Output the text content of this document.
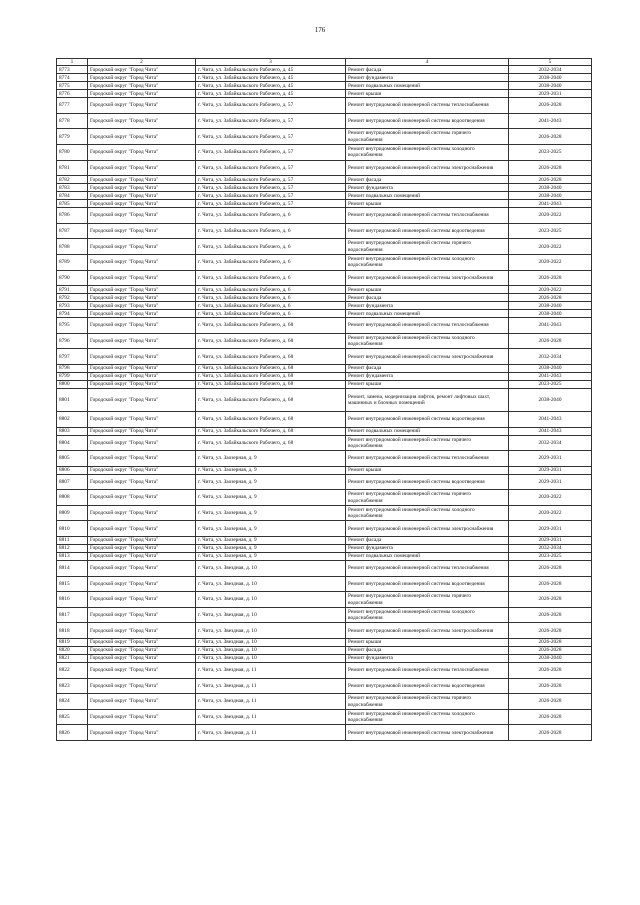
176
1	2	3	4	5
8773	Городской округ "Город Чита"	г. Чита, ул. Забайкальского Рабочего, д. 45	Ремонт фасада	2032-2034
8774	Городской округ "Город Чита"	г. Чита, ул. Забайкальского Рабочего, д. 45	Ремонт фундамента	2038-2040
8775	Городской округ "Город Чита"	г. Чита, ул. Забайкальского Рабочего, д. 45	Ремонт подвальных помещений	2038-2040
8776	Городской округ "Город Чита"	г. Чита, ул. Забайкальского Рабочего, д. 45	Ремонт крыши	2029-2031
8777	Городской округ "Город Чита"	г. Чита, ул. Забайкальского Рабочего, д. 57	Ремонт внутридомовой инженерной системы теплоснабжения	2026-2028
8778	Городской округ "Город Чита"	г. Чита, ул. Забайкальского Рабочего, д. 57	Ремонт внутридомовой инженерной системы водоотведения	2041-2043
8779	Городской округ "Город Чита"	г. Чита, ул. Забайкальского Рабочего, д. 57	Ремонт внутридомовой инженерной системы горячего водоснабжения	2026-2028
8780	Городской округ "Город Чита"	г. Чита, ул. Забайкальского Рабочего, д. 57	Ремонт внутридомовой инженерной системы холодного водоснабжения	2023-2025
8781	Городской округ "Город Чита"	г. Чита, ул. Забайкальского Рабочего, д. 57	Ремонт внутридомовой инженерной системы электроснабжения	2026-2028
8782	Городской округ "Город Чита"	г. Чита, ул. Забайкальского Рабочего, д. 57	Ремонт фасада	2026-2028
8783	Городской округ "Город Чита"	г. Чита, ул. Забайкальского Рабочего, д. 57	Ремонт фундамента	2038-2040
8784	Городской округ "Город Чита"	г. Чита, ул. Забайкальского Рабочего, д. 57	Ремонт подвальных помещений	2038-2040
8785	Городской округ "Город Чита"	г. Чита, ул. Забайкальского Рабочего, д. 57	Ремонт крыши	2041-2043
8786	Городской округ "Город Чита"	г. Чита, ул. Забайкальского Рабочего, д. 6	Ремонт внутридомовой инженерной системы теплоснабжения	2020-2022
8787	Городской округ "Город Чита"	г. Чита, ул. Забайкальского Рабочего, д. 6	Ремонт внутридомовой инженерной системы водоотведения	2023-2025
8788	Городской округ "Город Чита"	г. Чита, ул. Забайкальского Рабочего, д. 6	Ремонт внутридомовой инженерной системы горячего водоснабжения	2020-2022
8789	Городской округ "Город Чита"	г. Чита, ул. Забайкальского Рабочего, д. 6	Ремонт внутридомовой инженерной системы холодного водоснабжения	2020-2022
8790	Городской округ "Город Чита"	г. Чита, ул. Забайкальского Рабочего, д. 6	Ремонт внутридомовой инженерной системы электроснабжения	2026-2028
8791	Городской округ "Город Чита"	г. Чита, ул. Забайкальского Рабочего, д. 6	Ремонт крыши	2020-2022
8792	Городской округ "Город Чита"	г. Чита, ул. Забайкальского Рабочего, д. 6	Ремонт фасада	2026-2028
8793	Городской округ "Город Чита"	г. Чита, ул. Забайкальского Рабочего, д. 6	Ремонт фундамента	2038-2040
8794	Городской округ "Город Чита"	г. Чита, ул. Забайкальского Рабочего, д. 6	Ремонт подвальных помещений	2038-2040
8795	Городской округ "Город Чита"	г. Чита, ул. Забайкальского Рабочего, д. 68	Ремонт внутридомовой инженерной системы теплоснабжения	2041-2043
8796	Городской округ "Город Чита"	г. Чита, ул. Забайкальского Рабочего, д. 68	Ремонт внутридомовой инженерной системы холодного водоснабжения	2026-2028
8797	Городской округ "Город Чита"	г. Чита, ул. Забайкальского Рабочего, д. 68	Ремонт внутридомовой инженерной системы электроснабжения	2032-2034
8798	Городской округ "Город Чита"	г. Чита, ул. Забайкальского Рабочего, д. 68	Ремонт фасада	2038-2040
8799	Городской округ "Город Чита"	г. Чита, ул. Забайкальского Рабочего, д. 68	Ремонт фундамента	2041-2043
8800	Городской округ "Город Чита"	г. Чита, ул. Забайкальского Рабочего, д. 68	Ремонт крыши	2023-2025
8801	Городской округ "Город Чита"	г. Чита, ул. Забайкальского Рабочего, д. 68	Ремонт, замена, модернизация лифтов, ремонт лифтовых шахт, машинных и блочных помещений	2038-2040
8802	Городской округ "Город Чита"	г. Чита, ул. Забайкальского Рабочего, д. 68	Ремонт внутридомовой инженерной системы водоотведения	2041-2043
8803	Городской округ "Город Чита"	г. Чита, ул. Забайкальского Рабочего, д. 68	Ремонт подвальных помещений	2041-2043
8804	Городской округ "Город Чита"	г. Чита, ул. Забайкальского Рабочего, д. 68	Ремонт внутридомовой инженерной системы горячего водоснабжения	2032-2034
8805	Городской округ "Город Чита"	г. Чита, ул. Заозерная, д. 9	Ремонт внутридомовой инженерной системы теплоснабжения	2029-2031
8806	Городской округ "Город Чита"	г. Чита, ул. Заозерная, д. 9	Ремонт крыши	2029-2031
8807	Городской округ "Город Чита"	г. Чита, ул. Заозерная, д. 9	Ремонт внутридомовой инженерной системы водоотведения	2029-2031
8808	Городской округ "Город Чита"	г. Чита, ул. Заозерная, д. 9	Ремонт внутридомовой инженерной системы горячего водоснабжения	2020-2022
8809	Городской округ "Город Чита"	г. Чита, ул. Заозерная, д. 9	Ремонт внутридомовой инженерной системы холодного водоснабжения	2020-2022
8810	Городской округ "Город Чита"	г. Чита, ул. Заозерная, д. 9	Ремонт внутридомовой инженерной системы электроснабжения	2029-2031
8811	Городской округ "Город Чита"	г. Чита, ул. Заозерная, д. 9	Ремонт фасада	2029-2031
8812	Городской округ "Город Чита"	г. Чита, ул. Заозерная, д. 9	Ремонт фундамента	2032-2034
8813	Городской округ "Город Чита"	г. Чита, ул. Заозерная, д. 9	Ремонт подвальных помещений	2023-2025
8814	Городской округ "Город Чита"	г. Чита, ул. Звездная, д. 10	Ремонт внутридомовой инженерной системы теплоснабжения	2026-2028
8815	Городской округ "Город Чита"	г. Чита, ул. Звездная, д. 10	Ремонт внутридомовой инженерной системы водоотведения	2026-2028
8816	Городской округ "Город Чита"	г. Чита, ул. Звездная, д. 10	Ремонт внутридомовой инженерной системы горячего водоснабжения	2026-2028
8817	Городской округ "Город Чита"	г. Чита, ул. Звездная, д. 10	Ремонт внутридомовой инженерной системы холодного водоснабжения	2026-2028
8818	Городской округ "Город Чита"	г. Чита, ул. Звездная, д. 10	Ремонт внутридомовой инженерной системы электроснабжения	2026-2028
8819	Городской округ "Город Чита"	г. Чита, ул. Звездная, д. 10	Ремонт крыши	2026-2028
8820	Городской округ "Город Чита"	г. Чита, ул. Звездная, д. 10	Ремонт фасада	2026-2028
8821	Городской округ "Город Чита"	г. Чита, ул. Звездная, д. 10	Ремонт фундамента	2038-2040
8822	Городской округ "Город Чита"	г. Чита, ул. Звездная, д. 11	Ремонт внутридомовой инженерной системы теплоснабжения	2026-2028
8823	Городской округ "Город Чита"	г. Чита, ул. Звездная, д. 11	Ремонт внутридомовой инженерной системы водоотведения	2026-2028
8824	Городской округ "Город Чита"	г. Чита, ул. Звездная, д. 11	Ремонт внутридомовой инженерной системы горячего водоснабжения	2026-2028
8825	Городской округ "Город Чита"	г. Чита, ул. Звездная, д. 11	Ремонт внутридомовой инженерной системы холодного водоснабжения	2026-2028
8826	Городской округ "Город Чита"	г. Чита, ул. Звездная, д. 11	Ремонт внутридомовой инженерной системы электроснабжения	2026-2028
